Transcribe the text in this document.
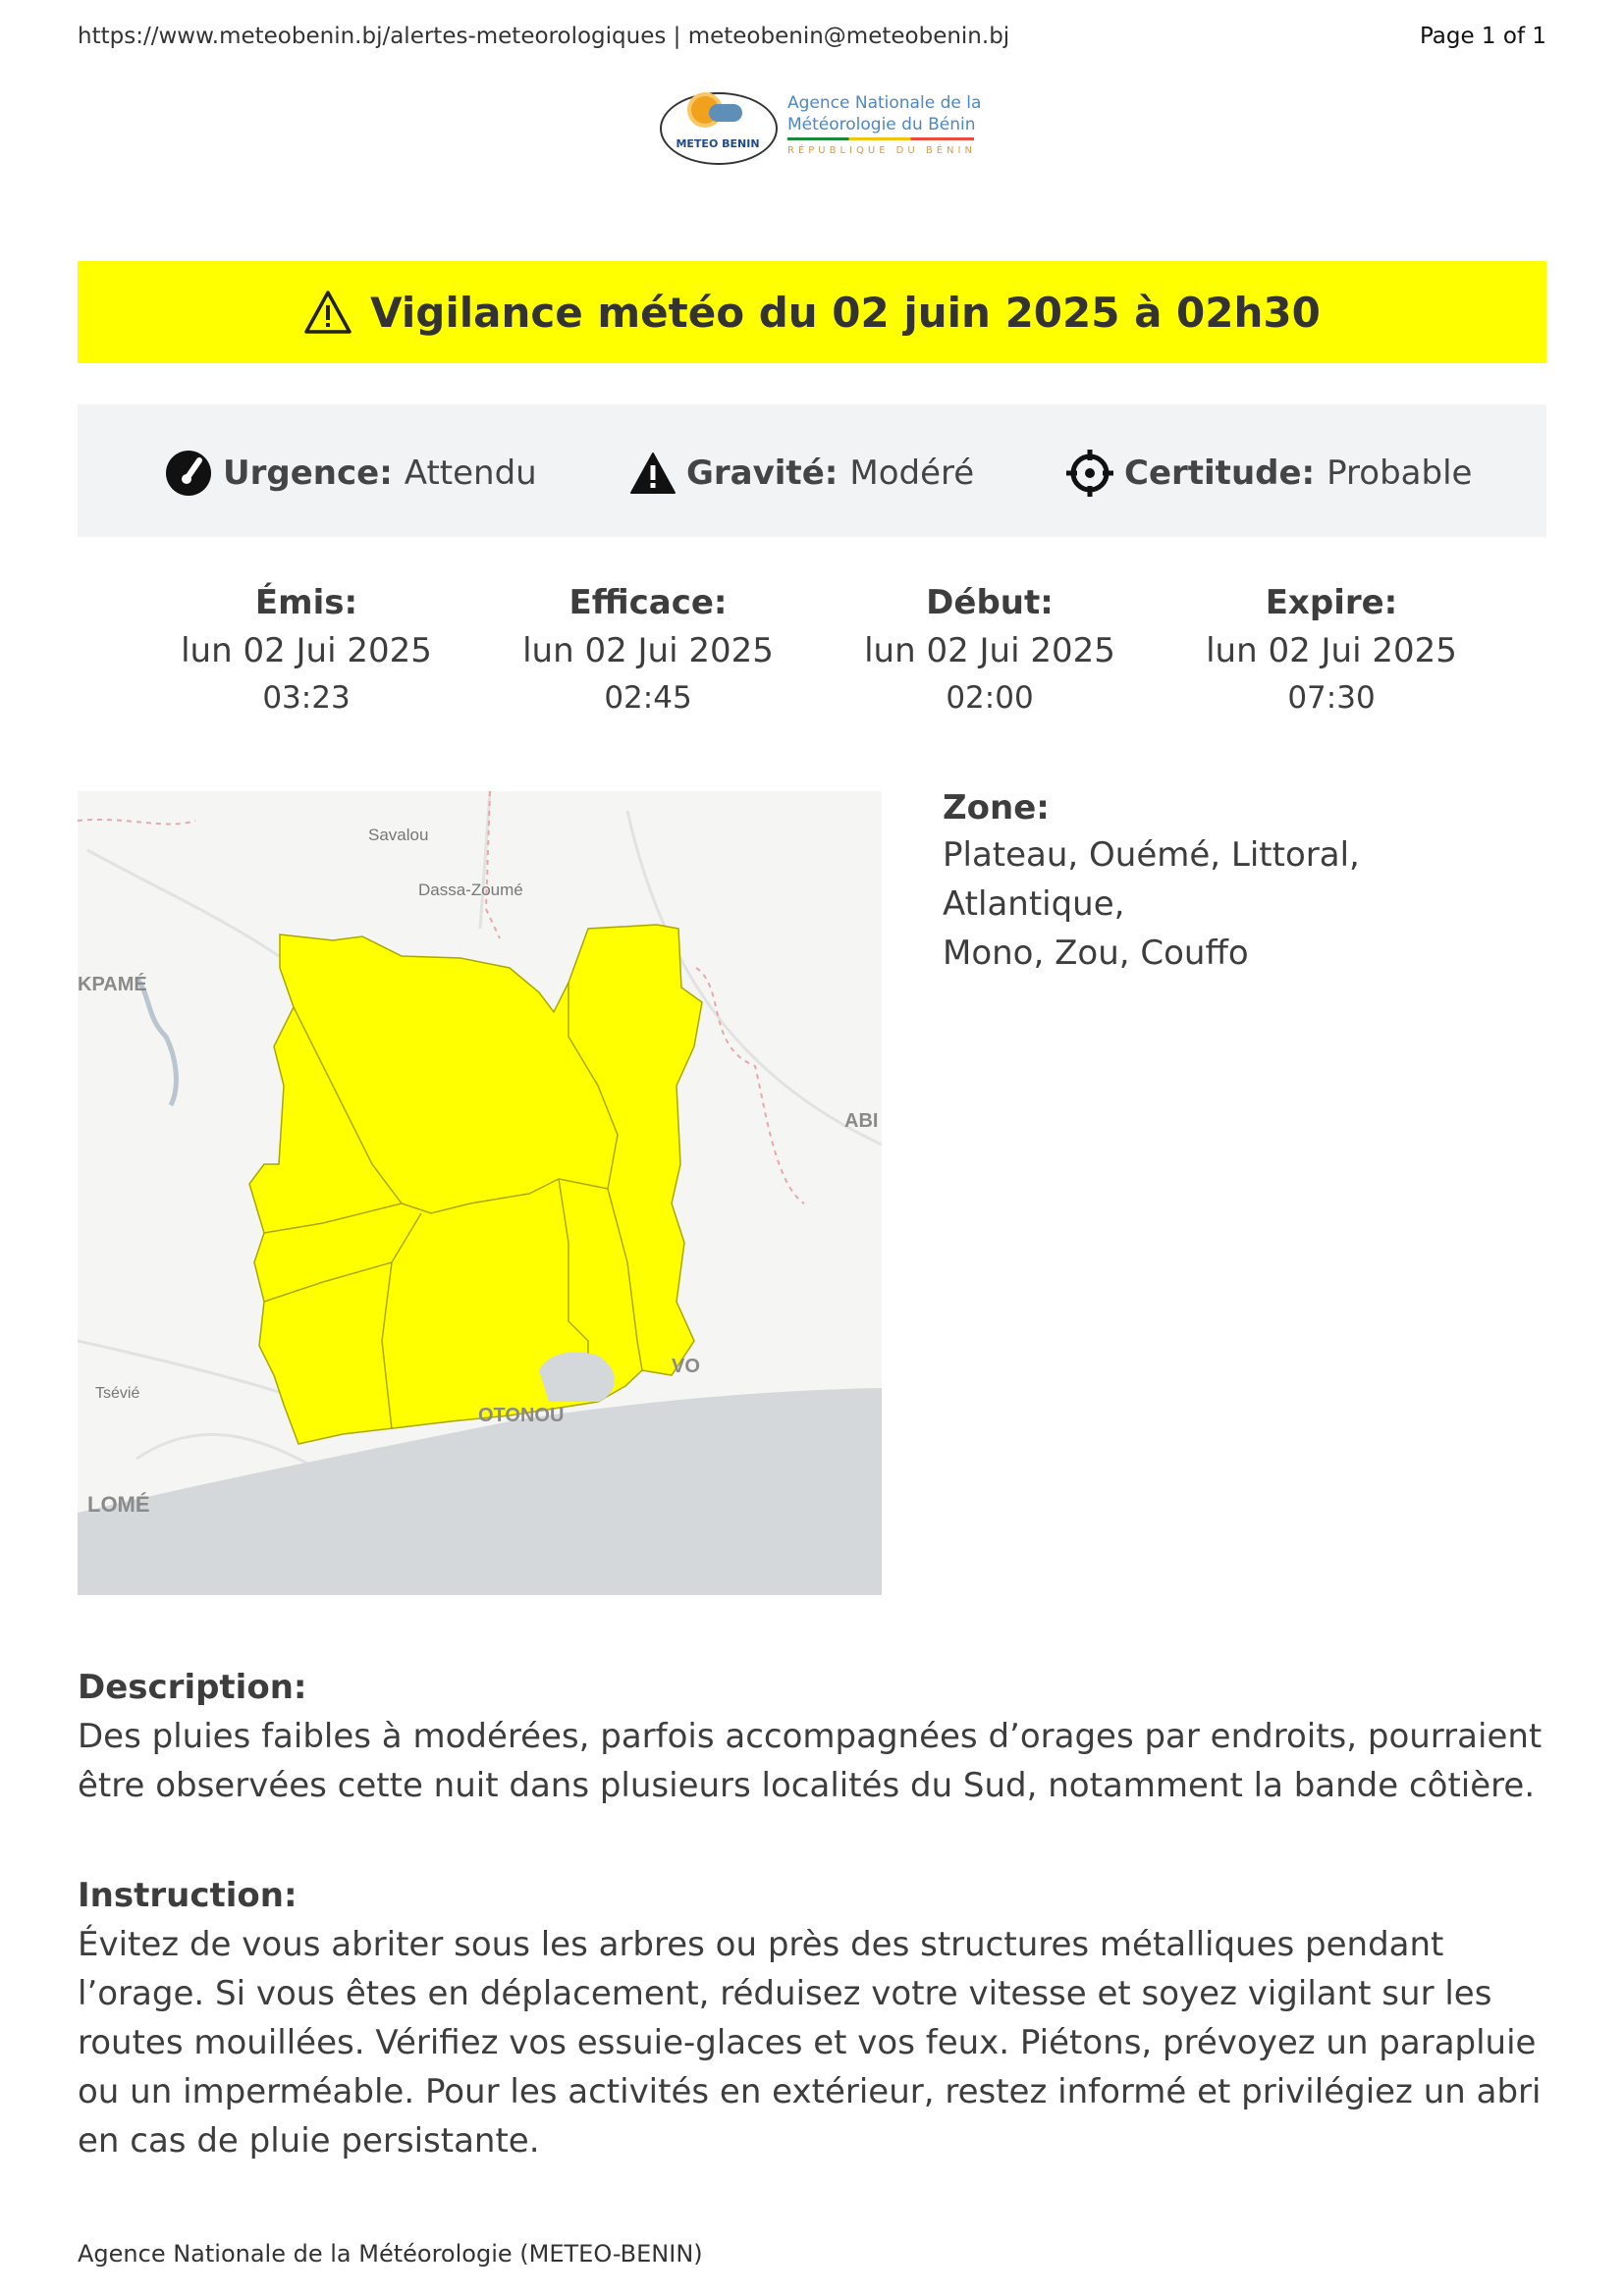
https://www.meteobenin.bj/alertes-meteorologiques | meteobenin@meteobenin.bj	Page 1 of 1
METEO BENIN
Agence Nationale de la
Météorologie du Bénin
RÉPUBLIQUE DU BÉNIN
Vigilance météo du 02 juin 2025 à 02h30
Urgence: Attendu	Gravité: Modéré	Certitude: Probable
Émis:
lun 02 Jui 2025
03:23
Efficace:
lun 02 Jui 2025
02:45
Début:
lun 02 Jui 2025
02:00
Expire:
lun 02 Jui 2025
07:30
Savalou
Dassa-Zoumé
KPAMÉ
ABI
Tsévié
LOMÉ
VO
OTONOU
Zone:
Plateau, Ouémé, Littoral, Atlantique,
Mono, Zou, Couffo
Description:
Des pluies faibles à modérées, parfois accompagnées d’orages par endroits, pourraient
être observées cette nuit dans plusieurs localités du Sud, notamment la bande côtière.
Instruction:
Évitez de vous abriter sous les arbres ou près des structures métalliques pendant
l’orage. Si vous êtes en déplacement, réduisez votre vitesse et soyez vigilant sur les
routes mouillées. Vérifiez vos essuie-glaces et vos feux. Piétons, prévoyez un parapluie
ou un imperméable. Pour les activités en extérieur, restez informé et privilégiez un abri
en cas de pluie persistante.
Agence Nationale de la Météorologie (METEO-BENIN)
